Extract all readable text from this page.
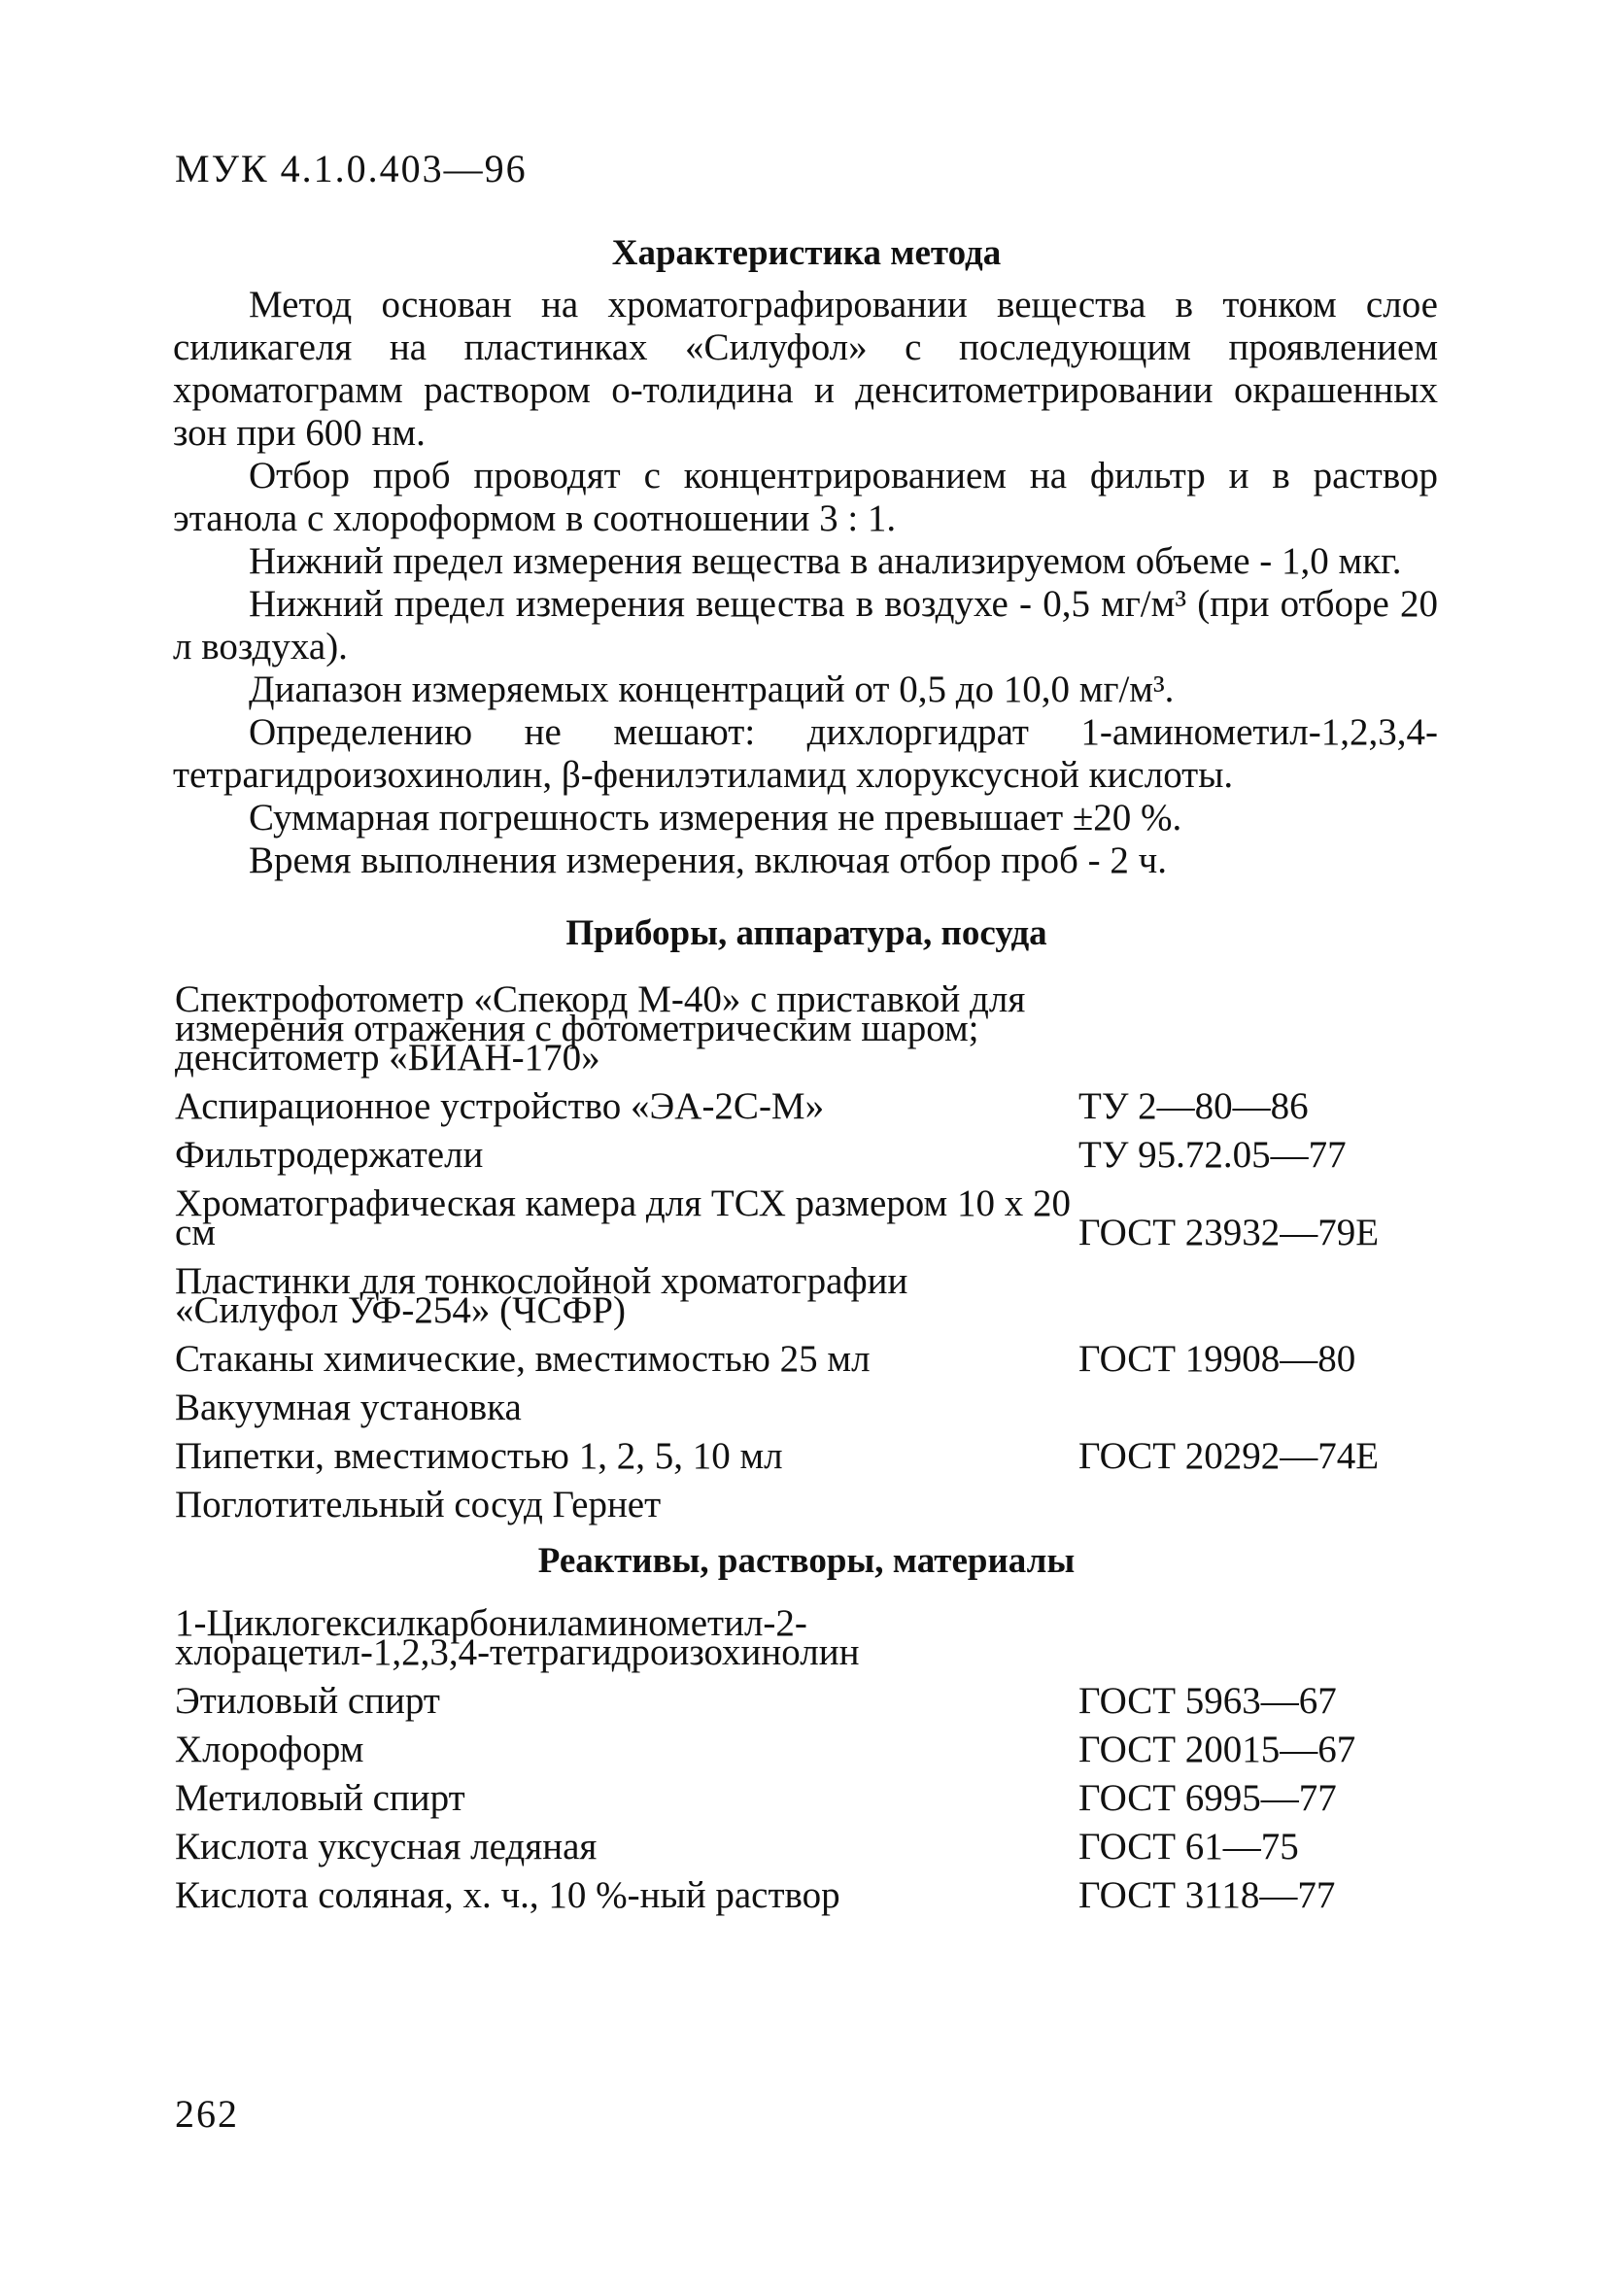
МУК 4.1.0.403—96
Характеристика метода

Метод основан на хроматографировании вещества в тонком слое силикагеля на пластинках «Силуфол» с последующим проявлением хроматограмм раствором о-толидина и денситометрировании окрашенных зон при 600 нм.

Отбор проб проводят с концентрированием на фильтр и в раствор этанола с хлороформом в соотношении 3 : 1.

Нижний предел измерения вещества в анализируемом объеме - 1,0 мкг.

Нижний предел измерения вещества в воздухе - 0,5 мг/м³ (при отборе 20 л воздуха).

Диапазон измеряемых концентраций от 0,5 до 10,0 мг/м³.

Определению не мешают: дихлоргидрат 1-аминометил-1,2,3,4-тетрагидроизохинолин, β-фенилэтиламид хлоруксусной кислоты.

Суммарная погрешность измерения не превышает ±20 %.

Время выполнения измерения, включая отбор проб - 2 ч.

Приборы, аппаратура, посуда
Спектрофотометр «Спекорд М-40» с приставкой для измерения отражения с фотометрическим шаром; денситометр «БИАН-170»	
Аспирационное устройство «ЭА-2С-М»	ТУ 2—80—86
Фильтродержатели	ТУ 95.72.05—77
Хроматографическая камера для ТСХ размером 10 х 20 см	ГОСТ 23932—79Е
Пластинки для тонкослойной хроматографии «Силуфол УФ-254» (ЧСФР)	
Стаканы химические, вместимостью 25 мл	ГОСТ 19908—80
Вакуумная установка	
Пипетки, вместимостью 1, 2, 5, 10 мл	ГОСТ 20292—74Е
Поглотительный сосуд Гернет	
Реактивы, растворы, материалы
1-Циклогексилкарбониламинометил-2-хлорацетил-1,2,3,4-тетрагидроизохинолин	
Этиловый спирт	ГОСТ 5963—67
Хлороформ	ГОСТ 20015—67
Метиловый спирт	ГОСТ 6995—77
Кислота уксусная ледяная	ГОСТ 61—75
Кислота соляная, х. ч., 10 %-ный раствор	ГОСТ 3118—77
262
